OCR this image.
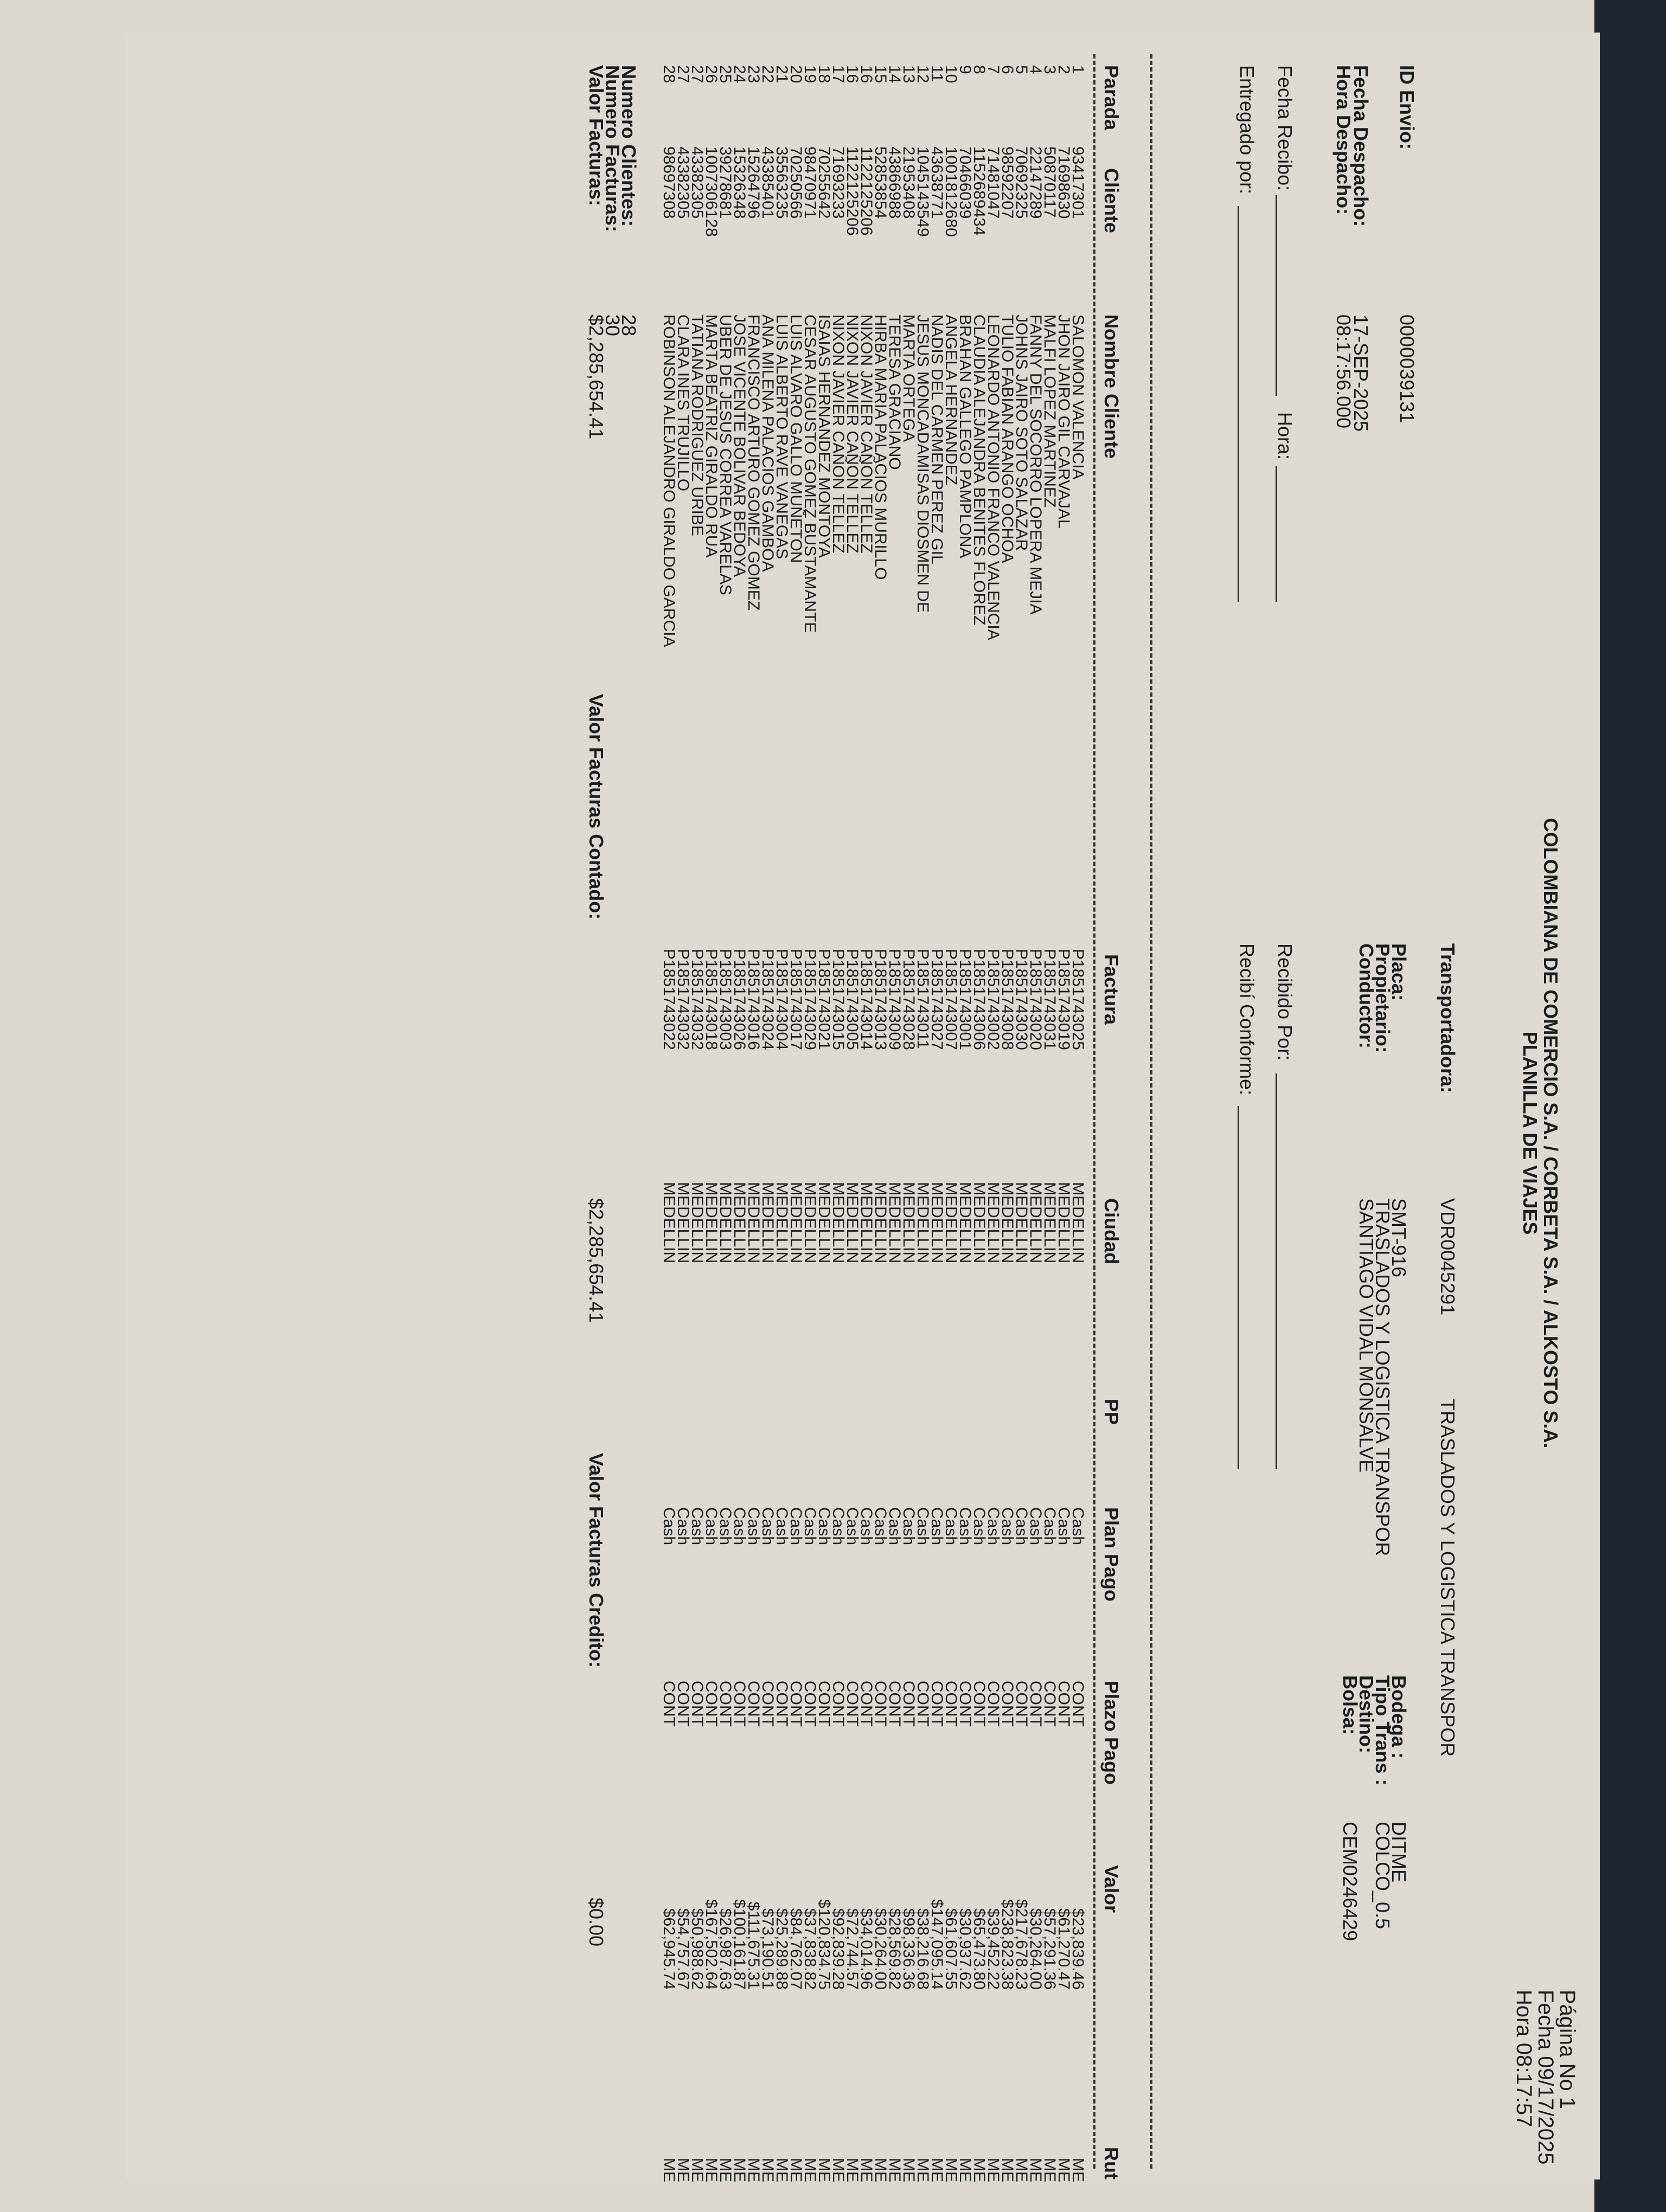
COLOMBIANA DE COMERCIO S.A. / CORBETA S.A. / ALKOSTO S.A.
PLANILLA DE VIAJES
Página No 1
Fecha 09/17/2025
Hora 08:17:57
ID Envio:
0000039131
Fecha Despacho:
17-SEP-2025
Hora Despacho:
08:17:56.000
Transportadora:
VDR0045291
TRASLADOS Y LOGISTICA TRANSPOR
Placa:
SMT-916
Propietario:
TRASLADOS Y LOGISTICA TRANSPOR
Conductor:
SANTIAGO VIDAL MONSALVE
Bodega :
DITME
Tipo Trans :
COLCO_0.5
Destino:
Bolsa:
CEM0246429
Fecha Recibo:
Hora:
Entregado por:
Recibido Por:
Recibí Conforme:
Parada
Cliente
Nombre Cliente
Factura
Ciudad
PP
Plan Pago
Plazo Pago
Valor
Rut
1
93417301
SALOMON VALENCIA
P1851743025
MEDELLIN
Cash
CONT
$23,839.46
ME
2
71698630
JHON JAIRO GIL CARVAJAL
P1851743019
MEDELLIN
Cash
CONT
$61,270.47
ME
3
50870117
MALFI LOPEZ MARTINEZ
P1851743031
MEDELLIN
Cash
CONT
$57,291.36
ME
4
22147289
FANNY DEL SOCORRO LOPERA MEJIA
P1851743020
MEDELLIN
Cash
CONT
$30,264.00
ME
5
70692325
JOHNS JAIRO SOTO SALAZAR
P1851743030
MEDELLIN
Cash
CONT
$217,678.23
ME
6
98592207
TULIO FABIAN ARANGO OCHOA
P1851743008
MEDELLIN
Cash
CONT
$238,823.38
ME
7
71481047
LEONARDO ANTONIO FRANCO VALENCIA
P1851743002
MEDELLIN
Cash
CONT
$39,452.22
ME
8
1152689434
CLAUDIA ALEJANDRA BENITES FLOREZ
P1851743006
MEDELLIN
Cash
CONT
$65,473.80
ME
9
70466039
BRAHAN GALLEGO PAMPLONA
P1851743001
MEDELLIN
Cash
CONT
$30,937.62
ME
10
1001812680
ANGELA HERNANDEZ
P1851743007
MEDELLIN
Cash
CONT
$61,607.55
ME
11
43638771
NADIS DEL CARMEN PEREZ GIL
P1851743027
MEDELLIN
Cash
CONT
$147,095.14
ME
12
1045143549
JESUS MONCADAMISAS DIOSMEN DE
P1851743011
MEDELLIN
Cash
CONT
$38,216.68
ME
13
21953408
MARTA ORTEGA
P1851743028
MEDELLIN
Cash
CONT
$98,336.36
ME
14
43866988
TERESA GRACIANO
P1851743009
MEDELLIN
Cash
CONT
$28,569.82
ME
15
52853854
HIRBA MARIA PALACIOS MURILLO
P1851743013
MEDELLIN
Cash
CONT
$30,264.00
ME
16
1122125206
NIXON JAVIER CAÑON TELLEZ
P1851743014
MEDELLIN
Cash
CONT
$34,014.96
ME
16
1122125206
NIXON JAVIER CAÑON TELLEZ
P1851743005
MEDELLIN
Cash
CONT
$72,744.57
ME
17
71693233
NIXON JAVIER CAÑON TELLEZ
P1851743015
MEDELLIN
Cash
CONT
$92,839.28
ME
18
70255642
ISAIAS HERNANDEZ MONTOYA
P1851743021
MEDELLIN
Cash
CONT
$120,834.75
ME
19
98470971
CESAR AUGUSTO GOMEZ BUSTAMANTE
P1851743029
MEDELLIN
Cash
CONT
$37,838.82
ME
20
70250566
LUIS ALVARO GALLO MUÑETON
P1851743017
MEDELLIN
Cash
CONT
$84,762.07
ME
21
35563235
LUIS ALBERTO RAVE VANEGAS
P1851743004
MEDELLIN
Cash
CONT
$25,289.88
ME
22
43385401
ANA MILENA PALACIOS GAMBOA
P1851743024
MEDELLIN
Cash
CONT
$73,190.51
ME
23
15264796
FRANCISCO ARTURO GOMEZ GOMEZ
P1851743016
MEDELLIN
Cash
CONT
$111,675.31
ME
24
15326348
JOSE VICENTE BOLIVAR BEDOYA
P1851743026
MEDELLIN
Cash
CONT
$100,161.87
ME
25
39278681
UBER DE JESUS CORREA VARELAS
P1851743003
MEDELLIN
Cash
CONT
$26,987.63
ME
26
1007306128
MARTA BEATRIZ GIRALDO RUA
P1851743018
MEDELLIN
Cash
CONT
$167,502.64
ME
27
43382305
TATIANA RODRIGUEZ URIBE
P1851743032
MEDELLIN
Cash
CONT
$50,988.62
ME
27
43382305
CLARA INES TRUJILLO
P1851743032
MEDELLIN
Cash
CONT
$54,757.67
ME
28
98697308
ROBINSON ALEJANDRO GIRALDO GARCIA
P1851743022
MEDELLIN
Cash
CONT
$62,945.74
ME
Numero Clientes:
28
Numero Facturas:
30
Valor Facturas:
$2,285,654.41
Valor Facturas Contado:
$2,285,654.41
Valor Facturas Credito:
$0.00
